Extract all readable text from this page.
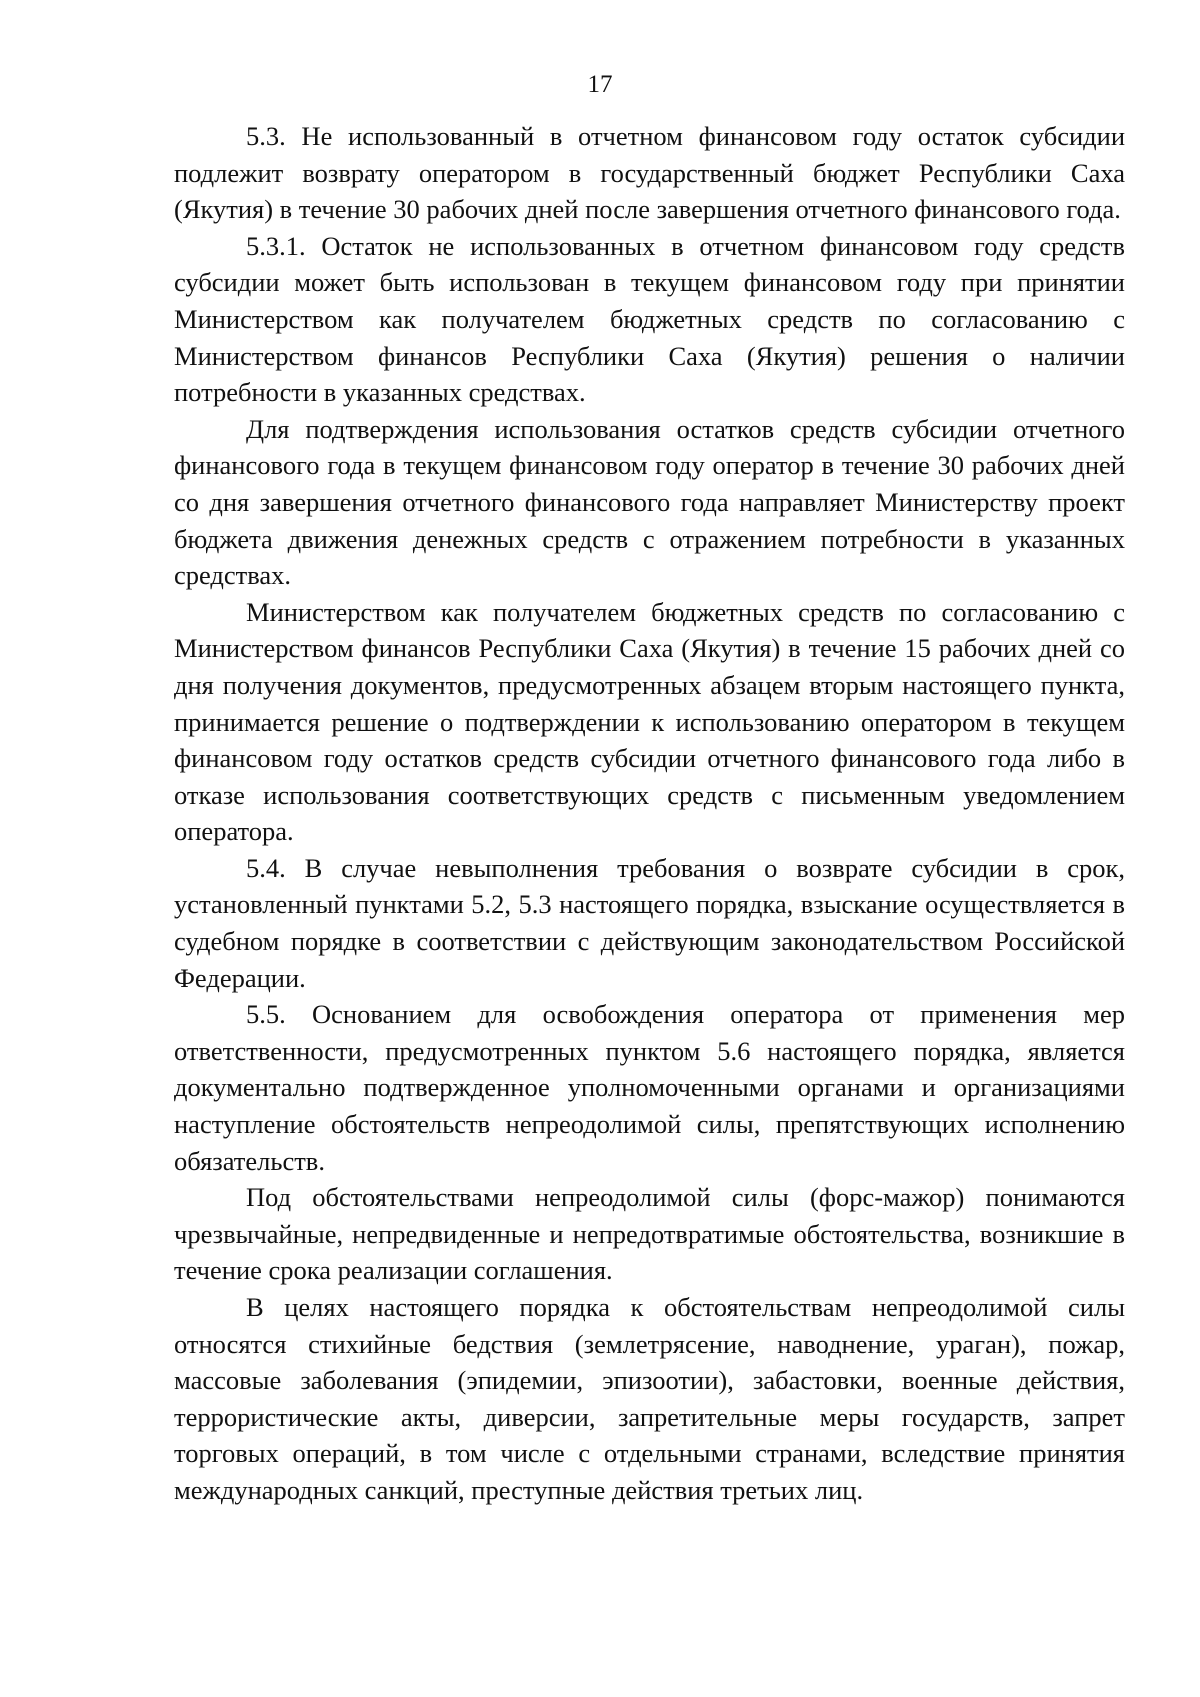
17

5.3. Не использованный в отчетном финансовом году остаток субсидии подлежит возврату оператором в государственный бюджет Республики Саха (Якутия) в течение 30 рабочих дней после завершения отчетного финансового года.

5.3.1. Остаток не использованных в отчетном финансовом году средств субсидии может быть использован в текущем финансовом году при принятии Министерством как получателем бюджетных средств по согласованию с Министерством финансов Республики Саха (Якутия) решения о наличии потребности в указанных средствах.

Для подтверждения использования остатков средств субсидии отчетного финансового года в текущем финансовом году оператор в течение 30 рабочих дней со дня завершения отчетного финансового года направляет Министерству проект бюджета движения денежных средств с отражением потребности в указанных средствах.

Министерством как получателем бюджетных средств по согласованию с Министерством финансов Республики Саха (Якутия) в течение 15 рабочих дней со дня получения документов, предусмотренных абзацем вторым настоящего пункта, принимается решение о подтверждении к использованию оператором в текущем финансовом году остатков средств субсидии отчетного финансового года либо в отказе использования соответствующих средств с письменным уведомлением оператора.

5.4. В случае невыполнения требования о возврате субсидии в срок, установленный пунктами 5.2, 5.3 настоящего порядка, взыскание осуществляется в судебном порядке в соответствии с действующим законодательством Российской Федерации.

5.5. Основанием для освобождения оператора от применения мер ответственности, предусмотренных пунктом 5.6 настоящего порядка, является документально подтвержденное уполномоченными органами и организациями наступление обстоятельств непреодолимой силы, препятствующих исполнению обязательств.

Под обстоятельствами непреодолимой силы (форс-мажор) понимаются чрезвычайные, непредвиденные и непредотвратимые обстоятельства, возникшие в течение срока реализации соглашения.

В целях настоящего порядка к обстоятельствам непреодолимой силы относятся стихийные бедствия (землетрясение, наводнение, ураган), пожар, массовые заболевания (эпидемии, эпизоотии), забастовки, военные действия, террористические акты, диверсии, запретительные меры государств, запрет торговых операций, в том числе с отдельными странами, вследствие принятия международных санкций, преступные действия третьих лиц.
